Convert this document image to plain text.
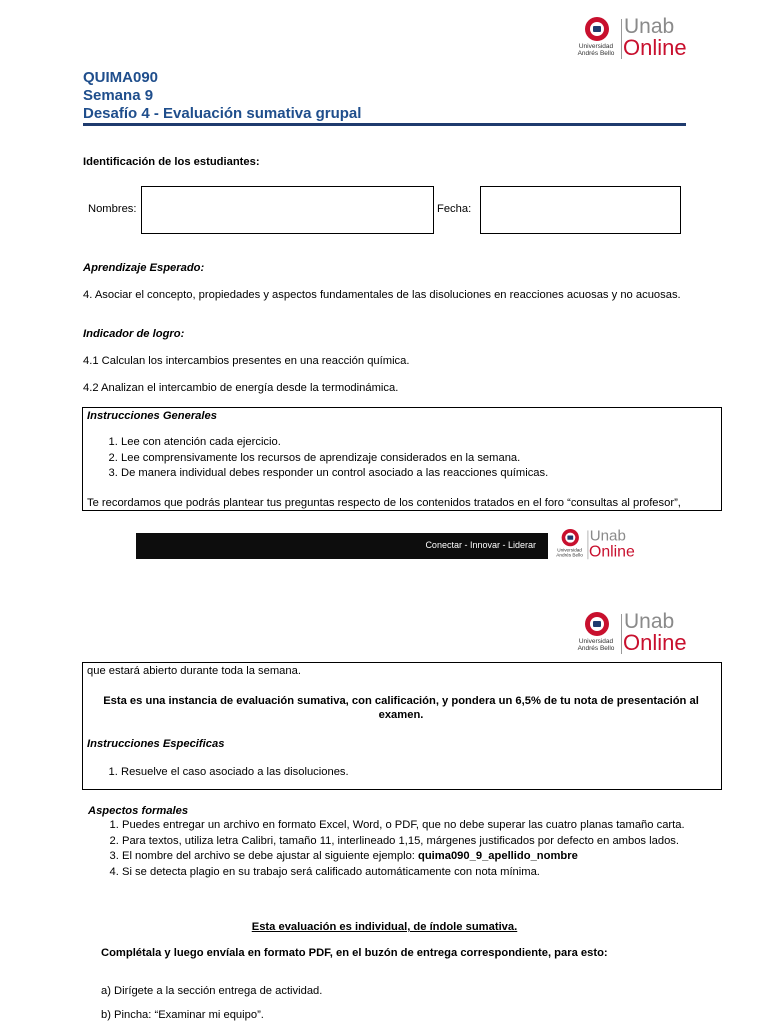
Universidad Andrés Bello
Unab
Online
QUIMA090
Semana 9
Desafío 4 - Evaluación sumativa grupal
Identificación de los estudiantes:
Nombres:	Fecha:
Aprendizaje Esperado:
4. Asociar el concepto, propiedades y aspectos fundamentales de las disoluciones en reacciones acuosas y no acuosas.
Indicador de logro:
4.1 Calculan los intercambios presentes en una reacción química.
4.2 Analizan el intercambio de energía desde la termodinámica.
Instrucciones Generales
1. Lee con atención cada ejercicio.
2. Lee comprensivamente los recursos de aprendizaje considerados en la semana.
3. De manera individual debes responder un control asociado a las reacciones químicas.
Te recordamos que podrás plantear tus preguntas respecto de los contenidos tratados en el foro “consultas al profesor”,
Conectar - Innovar - Liderar
Universidad Andrés Bello
Unab
Online
Universidad Andrés Bello
Unab
Online
que estará abierto durante toda la semana.
Esta es una instancia de evaluación sumativa, con calificación, y pondera un 6,5% de tu nota de presentación al examen.
Instrucciones Especificas
1. Resuelve el caso asociado a las disoluciones.
Aspectos formales
1. Puedes entregar un archivo en formato Excel, Word, o PDF, que no debe superar las cuatro planas tamaño carta.
2. Para textos, utiliza letra Calibri, tamaño 11, interlineado 1,15, márgenes justificados por defecto en ambos lados.
3. El nombre del archivo se debe ajustar al siguiente ejemplo: quima090_9_apellido_nombre
4. Si se detecta plagio en su trabajo será calificado automáticamente con nota mínima.
Esta evaluación es individual, de índole sumativa.
Complétala y luego envíala en formato PDF, en el buzón de entrega correspondiente, para esto:
a) Dirígete a la sección entrega de actividad.
b) Pincha: “Examinar mi equipo”.
